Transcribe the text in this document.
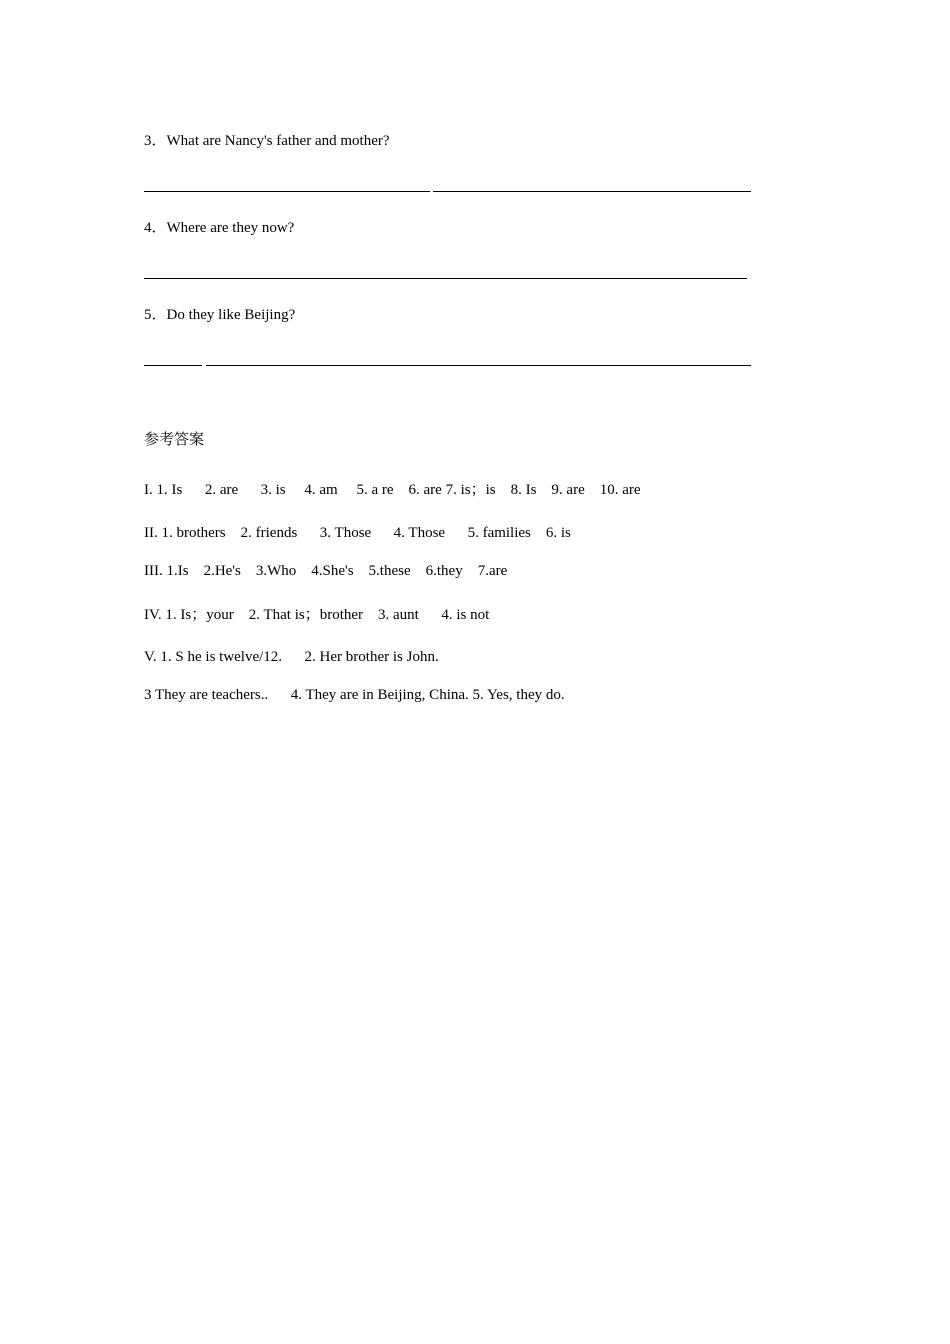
3．What are Nancy's father and mother?
4．Where are they now?
5．Do they like Beijing?
参考答案
I. 1. Is      2. are      3. is     4. am     5. a re    6. are 7. is；is    8. Is    9. are    10. are
II. 1. brothers    2. friends      3. Those      4. Those      5. families    6. is
III. 1.Is    2.He's    3.Who    4.She's    5.these    6.they    7.are
IV. 1. Is；your    2. That is；brother    3. aunt      4. is not
V. 1. S he is twelve/12.      2. Her brother is John.
3 They are teachers..      4. They are in Beijing, China. 5. Yes, they do.
